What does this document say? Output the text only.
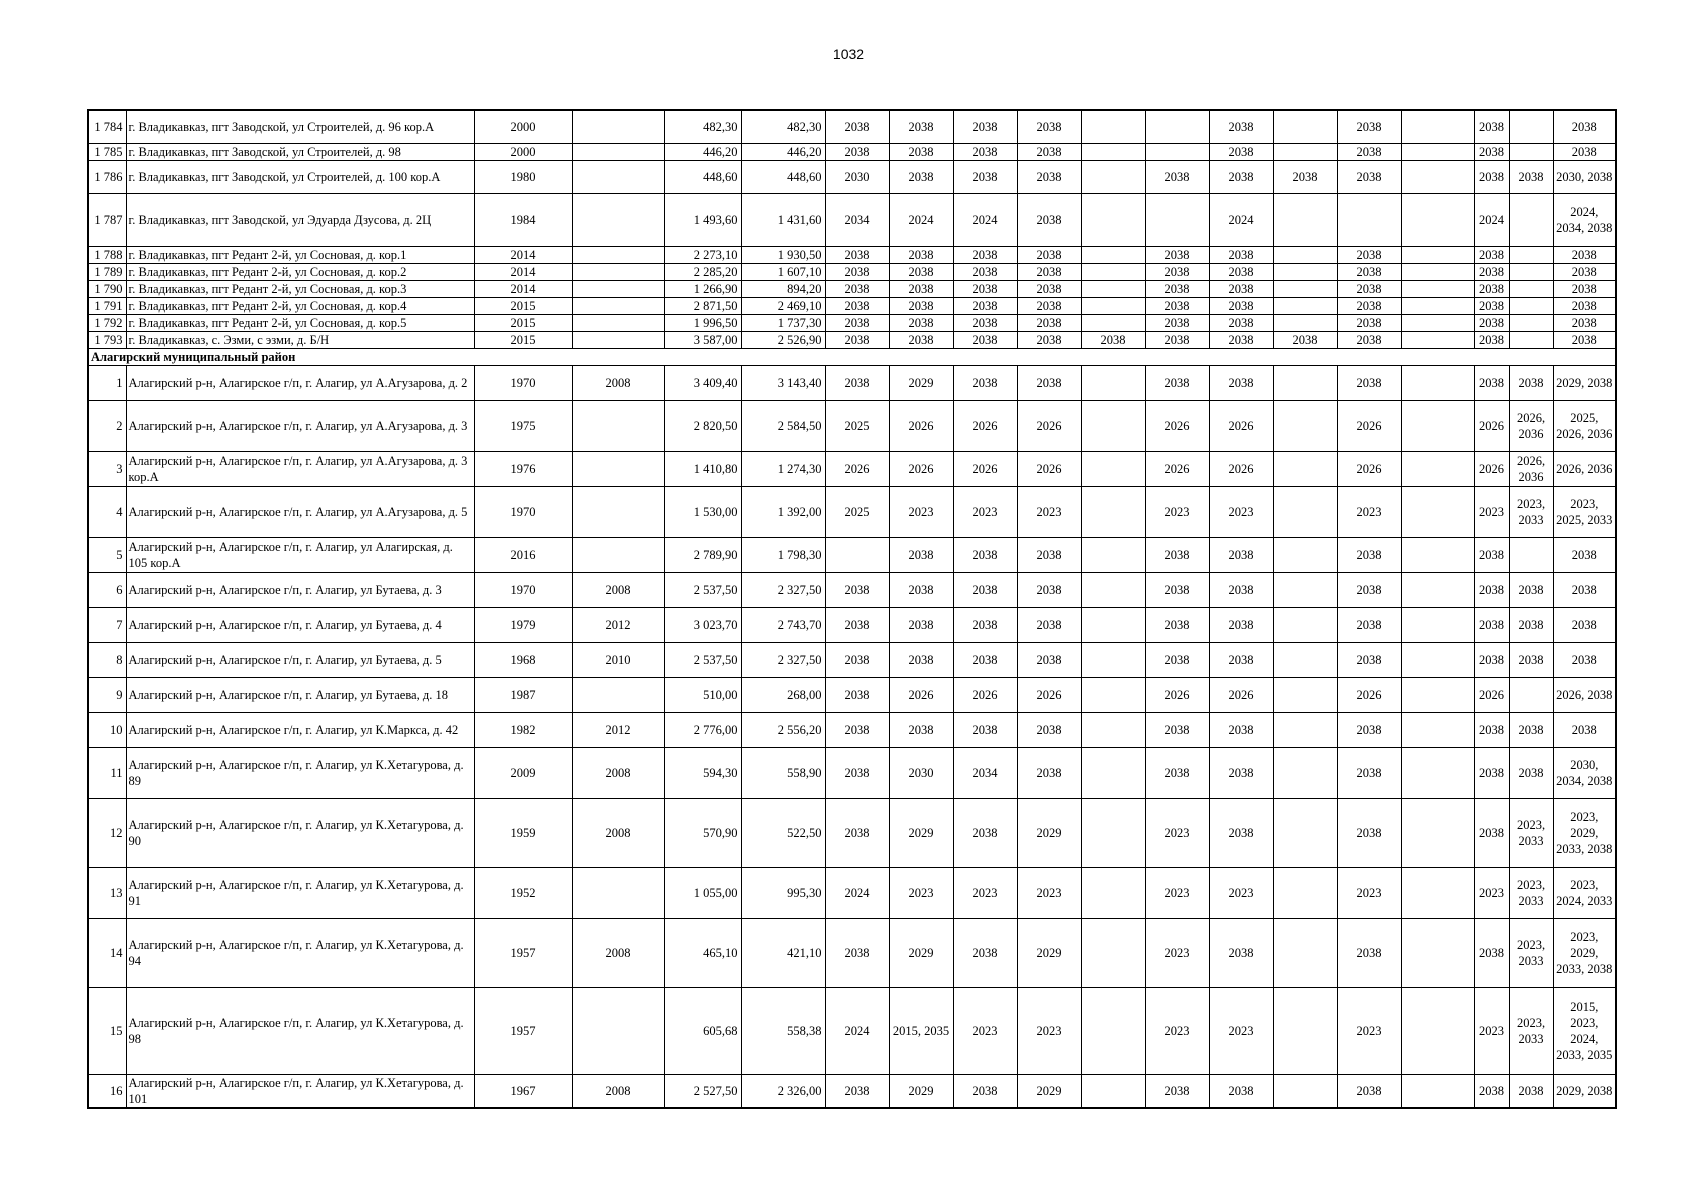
1032
1 784	г. Владикавказ, пгт Заводской, ул Строителей, д. 96 кор.А	2000		482,30	482,30	2038	2038	2038	2038			2038		2038		2038		2038
1 785	г. Владикавказ, пгт Заводской, ул Строителей, д. 98	2000		446,20	446,20	2038	2038	2038	2038			2038		2038		2038		2038
1 786	г. Владикавказ, пгт Заводской, ул Строителей, д. 100 кор.А	1980		448,60	448,60	2030	2038	2038	2038		2038	2038	2038	2038		2038	2038	2030, 2038
1 787	г. Владикавказ, пгт Заводской, ул Эдуарда Дзусова, д. 2Ц	1984		1 493,60	1 431,60	2034	2024	2024	2038			2024				2024		2024, 2034, 2038
1 788	г. Владикавказ, пгт Редант 2-й, ул Сосновая, д. кор.1	2014		2 273,10	1 930,50	2038	2038	2038	2038		2038	2038		2038		2038		2038
1 789	г. Владикавказ, пгт Редант 2-й, ул Сосновая, д. кор.2	2014		2 285,20	1 607,10	2038	2038	2038	2038		2038	2038		2038		2038		2038
1 790	г. Владикавказ, пгт Редант 2-й, ул Сосновая, д. кор.3	2014		1 266,90	894,20	2038	2038	2038	2038		2038	2038		2038		2038		2038
1 791	г. Владикавказ, пгт Редант 2-й, ул Сосновая, д. кор.4	2015		2 871,50	2 469,10	2038	2038	2038	2038		2038	2038		2038		2038		2038
1 792	г. Владикавказ, пгт Редант 2-й, ул Сосновая, д. кор.5	2015		1 996,50	1 737,30	2038	2038	2038	2038		2038	2038		2038		2038		2038
1 793	г. Владикавказ, с. Эзми, с эзми, д. Б/Н	2015		3 587,00	2 526,90	2038	2038	2038	2038	2038	2038	2038	2038	2038		2038		2038
Алагирский муниципальный район																		
1	Алагирский р-н, Алагирское г/п, г. Алагир, ул А.Агузарова, д. 2	1970	2008	3 409,40	3 143,40	2038	2029	2038	2038		2038	2038		2038		2038	2038	2029, 2038
2	Алагирский р-н, Алагирское г/п, г. Алагир, ул А.Агузарова, д. 3	1975		2 820,50	2 584,50	2025	2026	2026	2026		2026	2026		2026		2026	2026, 2036	2025, 2026, 2036
3	Алагирский р-н, Алагирское г/п, г. Алагир, ул А.Агузарова, д. 3 кор.А	1976		1 410,80	1 274,30	2026	2026	2026	2026		2026	2026		2026		2026	2026, 2036	2026, 2036
4	Алагирский р-н, Алагирское г/п, г. Алагир, ул А.Агузарова, д. 5	1970		1 530,00	1 392,00	2025	2023	2023	2023		2023	2023		2023		2023	2023, 2033	2023, 2025, 2033
5	Алагирский р-н, Алагирское г/п, г. Алагир, ул Алагирская, д. 105 кор.А	2016		2 789,90	1 798,30		2038	2038	2038		2038	2038		2038		2038		2038
6	Алагирский р-н, Алагирское г/п, г. Алагир, ул Бутаева, д. 3	1970	2008	2 537,50	2 327,50	2038	2038	2038	2038		2038	2038		2038		2038	2038	2038
7	Алагирский р-н, Алагирское г/п, г. Алагир, ул Бутаева, д. 4	1979	2012	3 023,70	2 743,70	2038	2038	2038	2038		2038	2038		2038		2038	2038	2038
8	Алагирский р-н, Алагирское г/п, г. Алагир, ул Бутаева, д. 5	1968	2010	2 537,50	2 327,50	2038	2038	2038	2038		2038	2038		2038		2038	2038	2038
9	Алагирский р-н, Алагирское г/п, г. Алагир, ул Бутаева, д. 18	1987		510,00	268,00	2038	2026	2026	2026		2026	2026		2026		2026		2026, 2038
10	Алагирский р-н, Алагирское г/п, г. Алагир, ул К.Маркса, д. 42	1982	2012	2 776,00	2 556,20	2038	2038	2038	2038		2038	2038		2038		2038	2038	2038
11	Алагирский р-н, Алагирское г/п, г. Алагир, ул К.Хетагурова, д. 89	2009	2008	594,30	558,90	2038	2030	2034	2038		2038	2038		2038		2038	2038	2030, 2034, 2038
12	Алагирский р-н, Алагирское г/п, г. Алагир, ул К.Хетагурова, д. 90	1959	2008	570,90	522,50	2038	2029	2038	2029		2023	2038		2038		2038	2023, 2033	2023, 2029, 2033, 2038
13	Алагирский р-н, Алагирское г/п, г. Алагир, ул К.Хетагурова, д. 91	1952		1 055,00	995,30	2024	2023	2023	2023		2023	2023		2023		2023	2023, 2033	2023, 2024, 2033
14	Алагирский р-н, Алагирское г/п, г. Алагир, ул К.Хетагурова, д. 94	1957	2008	465,10	421,10	2038	2029	2038	2029		2023	2038		2038		2038	2023, 2033	2023, 2029, 2033, 2038
15	Алагирский р-н, Алагирское г/п, г. Алагир, ул К.Хетагурова, д. 98	1957		605,68	558,38	2024	2015, 2035	2023	2023		2023	2023		2023		2023	2023, 2033	2015, 2023, 2024, 2033, 2035
16	Алагирский р-н, Алагирское г/п, г. Алагир, ул К.Хетагурова, д. 101	1967	2008	2 527,50	2 326,00	2038	2029	2038	2029		2038	2038		2038		2038	2038	2029, 2038
